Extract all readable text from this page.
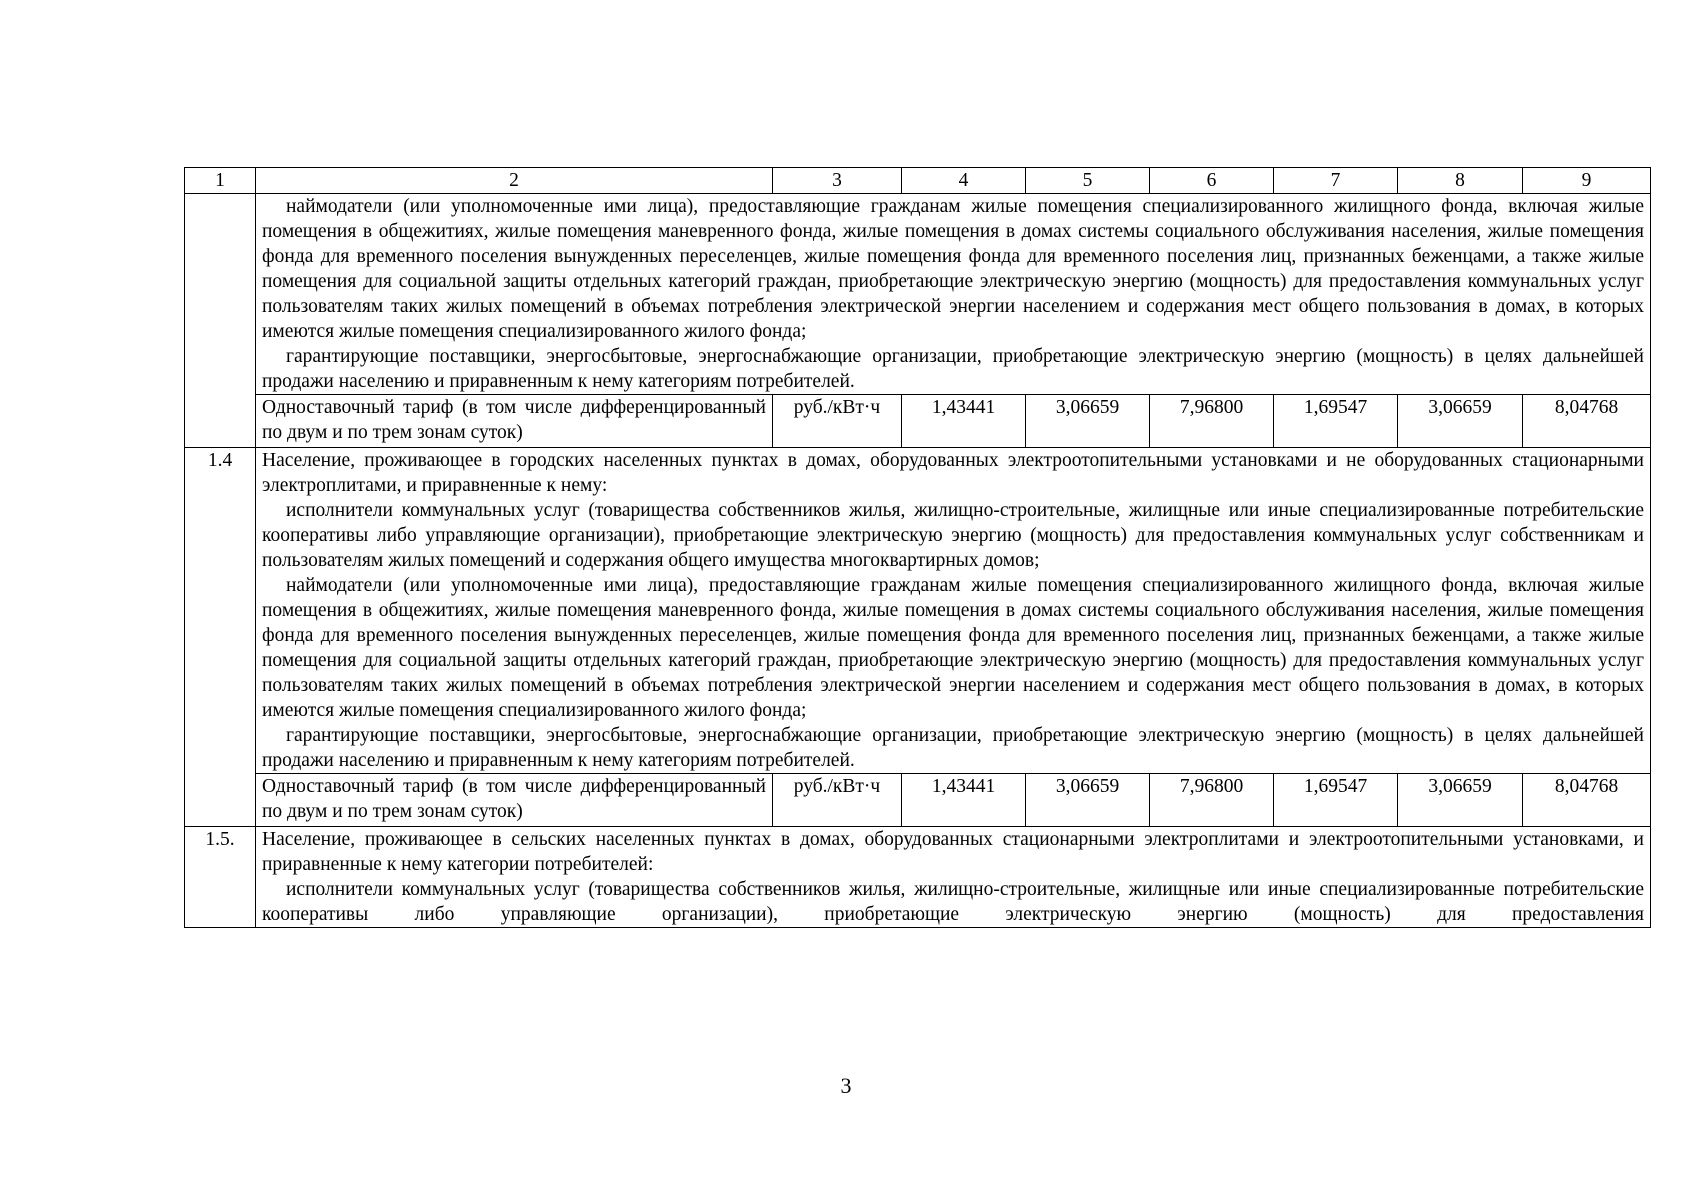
1	2	3	4	5	6	7	8	9

	наймодатели (или уполномоченные ими лица), предоставляющие гражданам жилые помещения специализированного жилищного фонда, включая жилые помещения в общежитиях, жилые помещения маневренного фонда, жилые помещения в домах системы социального обслуживания населения, жилые помещения фонда для временного поселения вынужденных переселенцев, жилые помещения фонда для временного поселения лиц, признанных беженцами, а также жилые помещения для социальной защиты отдельных категорий граждан, приобретающие электрическую энергию (мощность) для предоставления коммунальных услуг пользователям таких жилых помещений в объемах потребления электрической энергии населением и содержания мест общего пользования в домах, в которых имеются жилые помещения специализированного жилого фонда;

гарантирующие поставщики, энергосбытовые, энергоснабжающие организации, приобретающие электрическую энергию (мощность) в целях дальнейшей продажи населению и приравненным к нему категориям потребителей.							

	Одноставочный тариф (в том числе дифференцированный по двум и по трем зонам суток)	руб./кВт·ч	1,43441	3,06659	7,96800	1,69547	3,06659	8,04768
1.4	Население, проживающее в городских населенных пунктах в домах, оборудованных электроотопительными установками и не оборудованных стационарными электроплитами, и приравненные к нему:

исполнители коммунальных услуг (товарищества собственников жилья, жилищно-строительные, жилищные или иные специализированные потребительские кооперативы либо управляющие организации), приобретающие электрическую энергию (мощность) для предоставления коммунальных услуг собственникам и пользователям жилых помещений и содержания общего имущества многоквартирных домов;

наймодатели (или уполномоченные ими лица), предоставляющие гражданам жилые помещения специализированного жилищного фонда, включая жилые помещения в общежитиях, жилые помещения маневренного фонда, жилые помещения в домах системы социального обслуживания населения, жилые помещения фонда для временного поселения вынужденных переселенцев, жилые помещения фонда для временного поселения лиц, признанных беженцами, а также жилые помещения для социальной защиты отдельных категорий граждан, приобретающие электрическую энергию (мощность) для предоставления коммунальных услуг пользователям таких жилых помещений в объемах потребления электрической энергии населением и содержания мест общего пользования в домах, в которых имеются жилые помещения специализированного жилого фонда;

гарантирующие поставщики, энергосбытовые, энергоснабжающие организации, приобретающие электрическую энергию (мощность) в целях дальнейшей продажи населению и приравненным к нему категориям потребителей.							

	Одноставочный тариф (в том числе дифференцированный по двум и по трем зонам суток)	руб./кВт·ч	1,43441	3,06659	7,96800	1,69547	3,06659	8,04768
1.5.	Население, проживающее в сельских населенных пунктах в домах, оборудованных стационарными электроплитами и электроотопительными установками, и приравненные к нему категории потребителей:

исполнители коммунальных услуг (товарищества собственников жилья, жилищно-строительные, жилищные или иные специализированные потребительские кооперативы либо управляющие организации), приобретающие электрическую энергию (мощность) для предоставления							

3
